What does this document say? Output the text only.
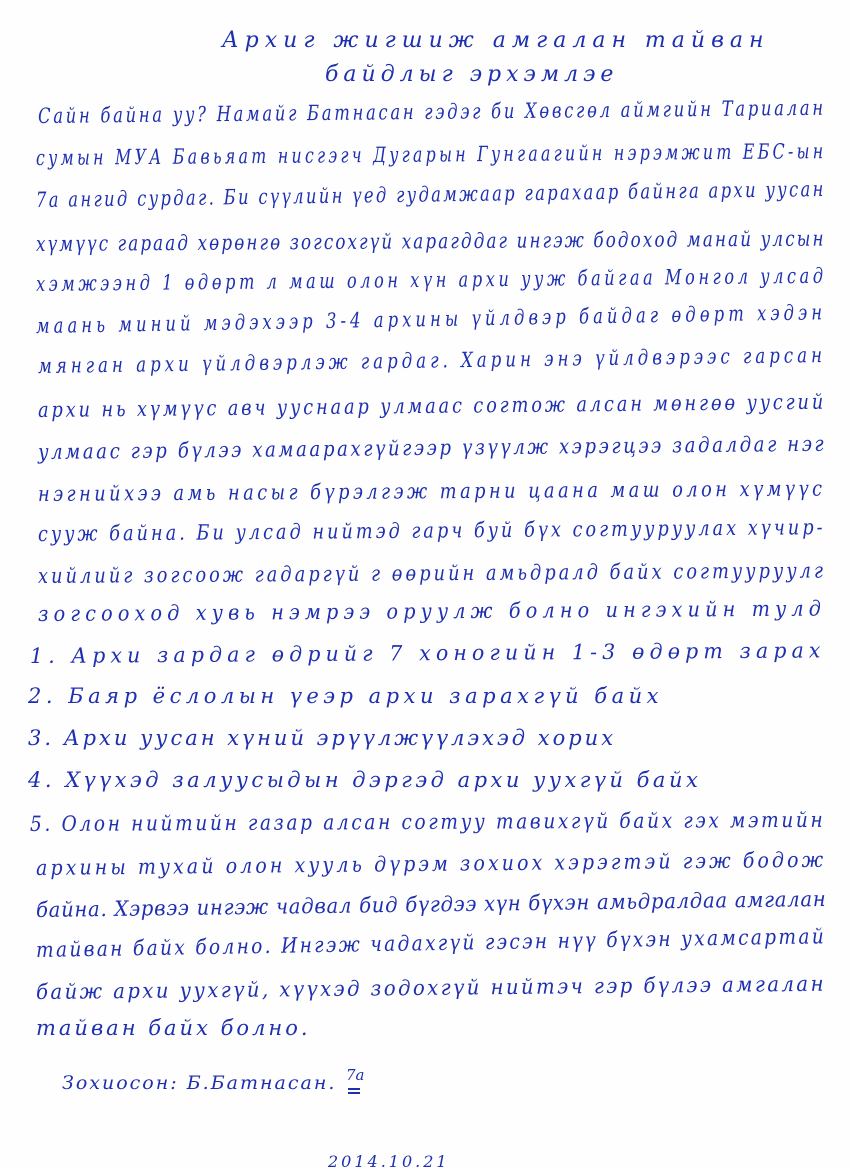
Архиг жигшиж амгалан тайван
байдлыг эрхэмлэе
Сайн байна уу? Намайг Батнасан гэдэг би Хөвсгөл аймгийн Тариалан
сумын МУА Бавьяат нисгэгч Дугарын Гунгаагийн нэрэмжит ЕБС-ын
7а ангид сурдаг. Би сүүлийн үед гудамжаар гарахаар байнга архи уусан
хүмүүс гараад хөрөнгө зогсохгүй харагддаг ингэж бодоход манай улсын
хэмжээнд 1 өдөрт л маш олон хүн архи ууж байгаа Монгол улсад
маань миний мэдэхээр 3-4 архины үйлдвэр байдаг өдөрт хэдэн
мянган архи үйлдвэрлэж гардаг. Харин энэ үйлдвэрээс гарсан
архи нь хүмүүс авч ууснаар улмаас согтож алсан мөнгөө уусгий
улмаас гэр бүлээ хамаарахгүйгээр үзүүлж хэрэгцээ задалдаг нэг
нэгнийхээ амь насыг бүрэлгэж тарни цаана маш олон хүмүүс
сууж байна. Би улсад нийтэд гарч буй бүх согтууруулах хүчир-
хийлийг зогсоож гадаргүй г өөрийн амьдралд байх согтууруулг
зогсооход хувь нэмрээ оруулж болно ингэхийн тулд
1. Архи зардаг өдрийг 7 хоногийн 1-3 өдөрт зарах
2. Баяр ёслолын үеэр архи зарахгүй байх
3. Архи уусан хүний эрүүлжүүлэхэд хорих
4. Хүүхэд залуусыдын дэргэд архи уухгүй байх
5. Олон нийтийн газар алсан согтуу тавихгүй байх гэх мэтийн
архины тухай олон хууль дүрэм зохиох хэрэгтэй гэж бодож
байна. Хэрвээ ингэж чадвал бид бүгдээ хүн бүхэн амьдралдаа амгалан
тайван байх болно. Ингэж чадахгүй гэсэн нүү бүхэн ухамсартай
байж архи уухгүй, хүүхэд зодохгүй нийтэч гэр бүлээ амгалан
тайван байх болно.
Зохиосон: Б.Батнасан. 7а
2014.10.21
